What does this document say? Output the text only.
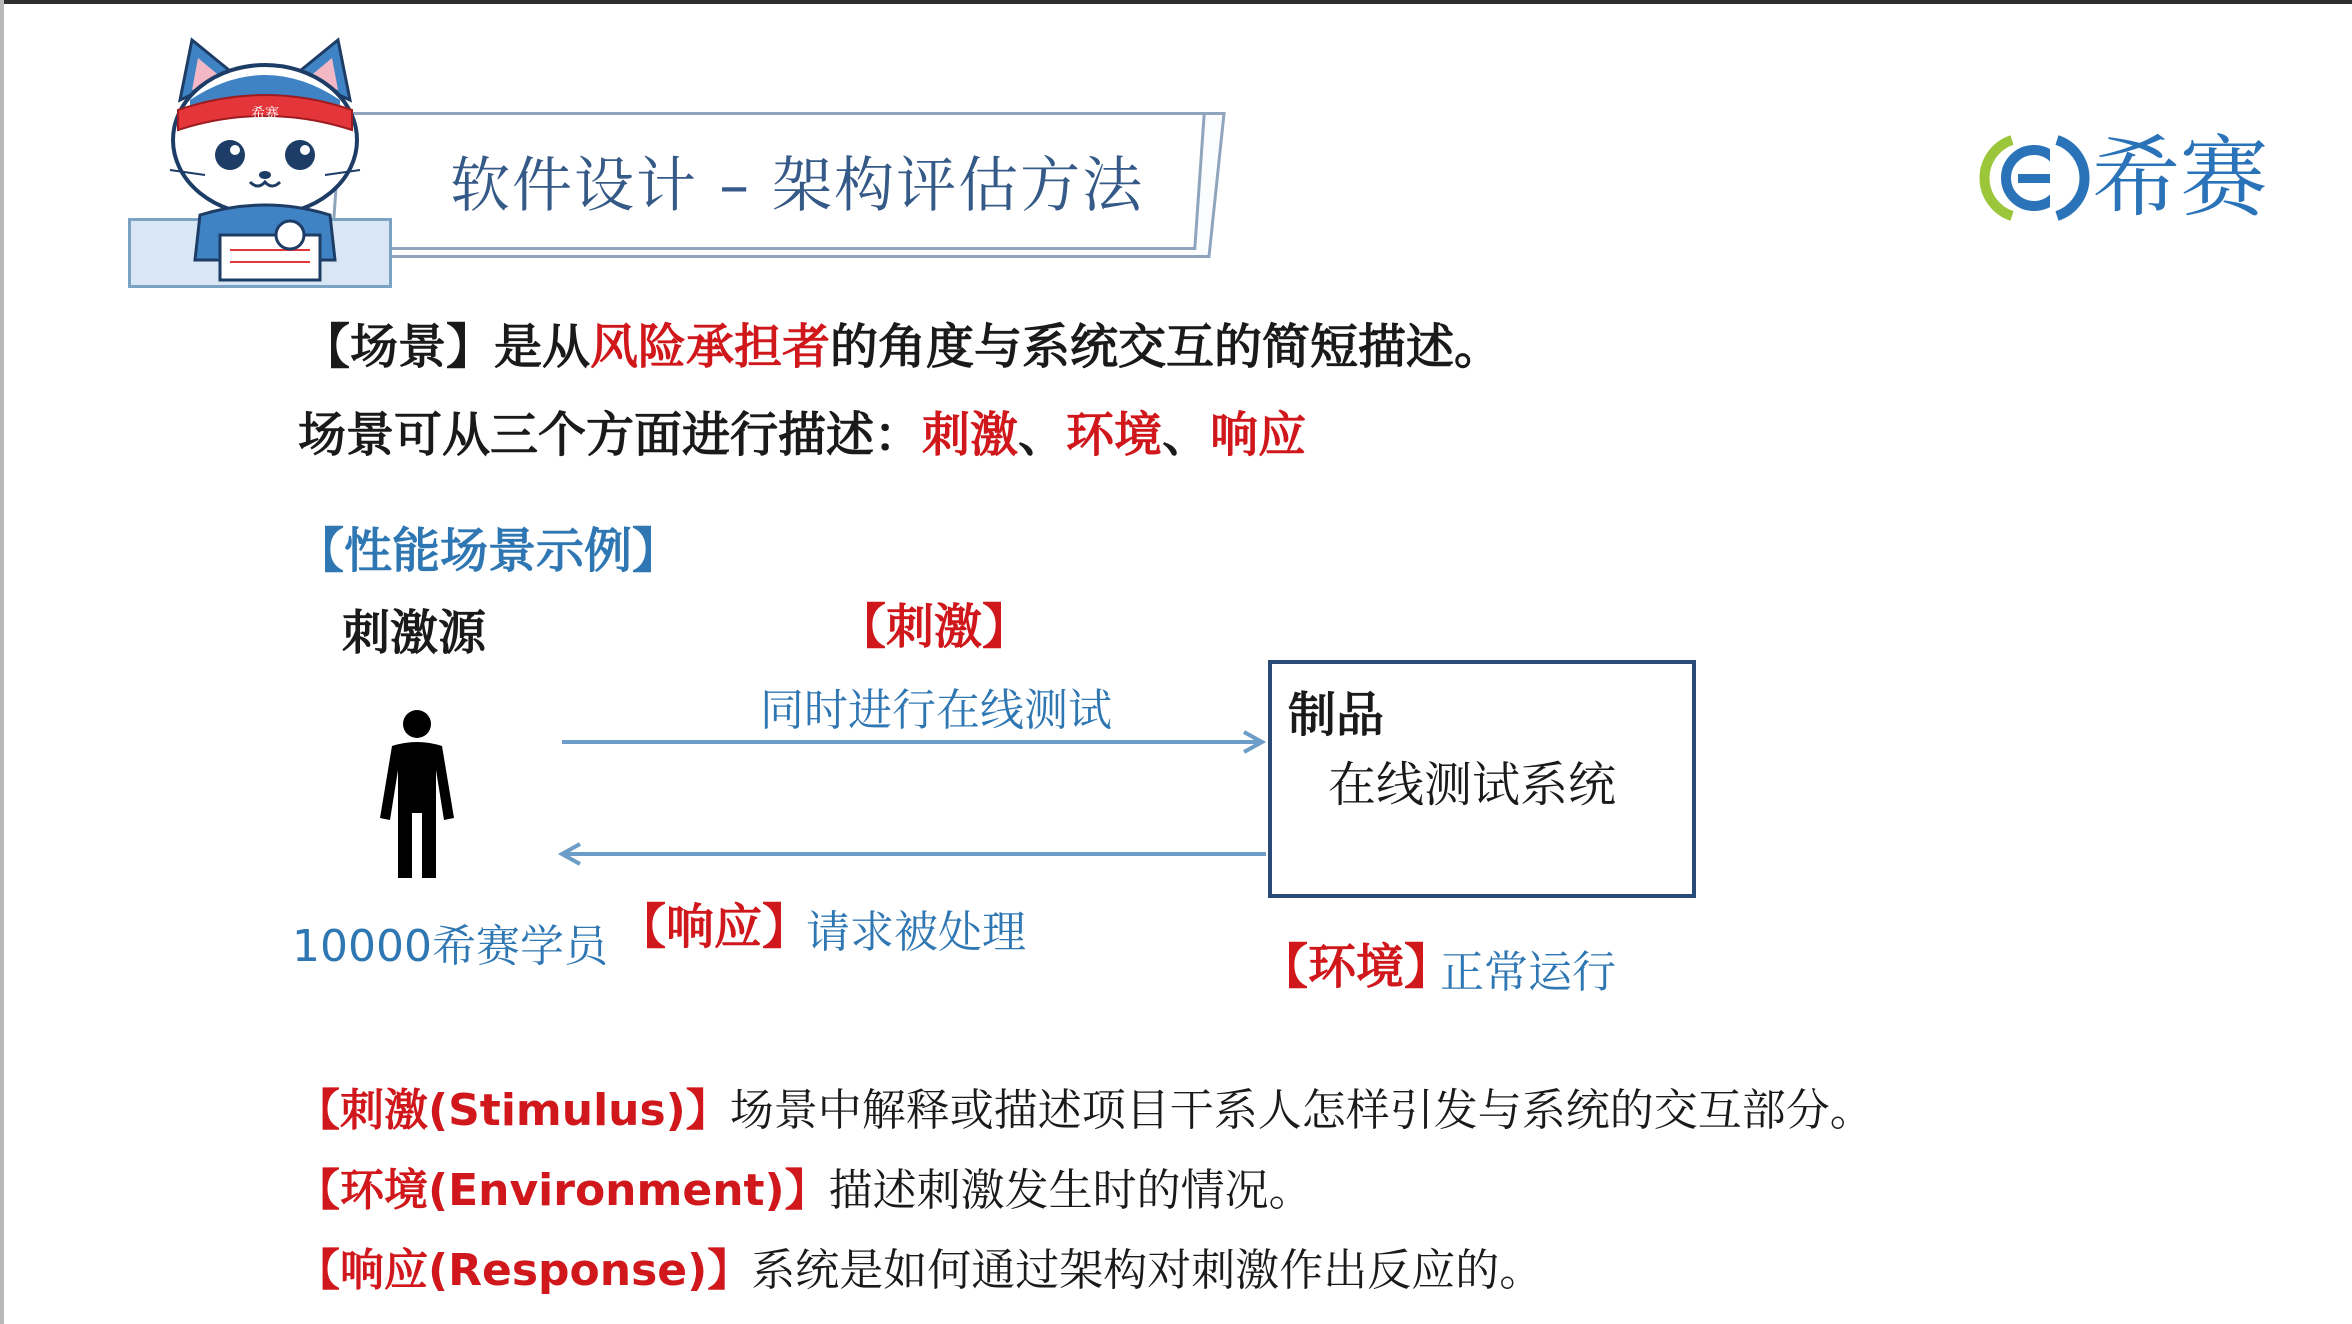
软件设计 – 架构评估方法
希赛
希赛
【场景】是从风险承担者的角度与系统交互的简短描述。
场景可从三个方面进行描述：刺激、环境、响应
【性能场景示例】
刺激源	【刺激】
同时进行在线测试	制品
在线测试系统
10000希赛学员 【响应】
请求被处理
【环境】
正常运行
【刺激(Stimulus)】场景中解释或描述项目干系人怎样引发与系统的交互部分。
【环境(Environment)】描述刺激发生时的情况。
【响应(Response)】系统是如何通过架构对刺激作出反应的。
